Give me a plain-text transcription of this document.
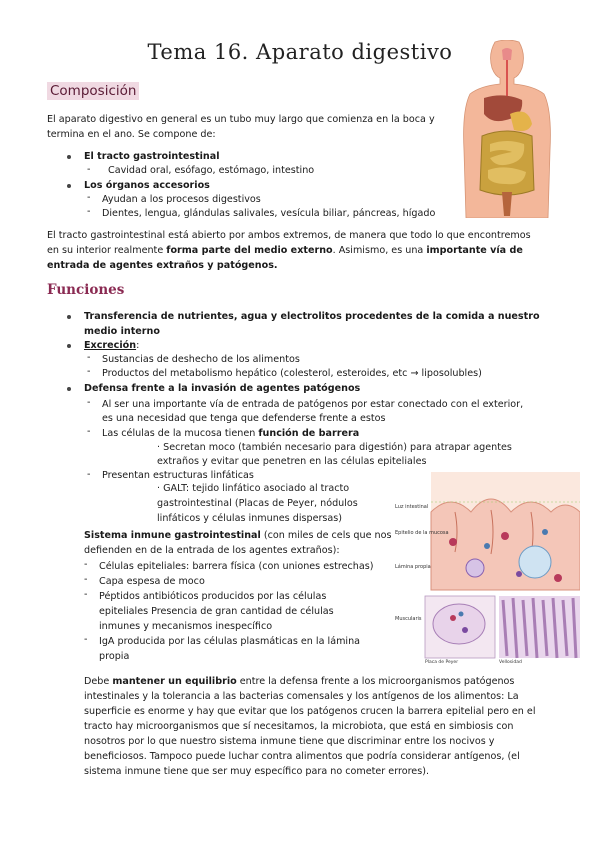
Tema 16. Aparato digestivo
Composición

El aparato digestivo en general es un tubo muy largo que comienza en la boca y

termina en el ano. Se compone de:

El tracto gastrointestinal
- Cavidad oral, esófago, estómago, intestino
Los órganos accesorios
- Ayudan a los procesos digestivos
- Dientes, lengua, glándulas salivales, vesícula biliar, páncreas, hígado

El tracto gastrointestinal está abierto por ambos extremos, de manera que todo lo que encontremos

en su interior realmente forma parte del medio externo. Asimismo, es una importante vía de

entrada de agentes extraños y patógenos.

Funciones
Transferencia de nutrientes, agua y electrolitos procedentes de la comida a nuestro
medio interno
Excreción:
- Sustancias de deshecho de los alimentos
- Productos del metabolismo hepático (colesterol, esteroides, etc → liposolubles)
Defensa frente a la invasión de agentes patógenos
- Al ser una importante vía de entrada de patógenos por estar conectado con el exterior,
es una necesidad que tenga que defenderse frente a estos
- Las células de la mucosa tienen función de barrera
· Secretan moco (también necesario para digestión) para atrapar agentes
extraños y evitar que penetren en las células epiteliales
- Presentan estructuras linfáticas
· GALT: tejido linfático asociado al tracto
gastrointestinal (Placas de Peyer, nódulos
linfáticos y células inmunes dispersas)

Sistema inmune gastrointestinal (con miles de cels que nos

defienden en de la entrada de los agentes extraños):

- Células epiteliales: barrera física (con uniones estrechas)
- Capa espesa de moco
- Péptidos antibióticos producidos por las células
epiteliales Presencia de gran cantidad de células
inmunes y mecanismos inespecífico
- IgA producida por las células plasmáticas en la lámina
propia
Luz intestinal
Epitelio de la mucosa
Lámina propia
Muscularis
Placa de Peyer	Vellosidad

Debe mantener un equilibrio entre la defensa frente a los microorganismos patógenos

intestinales y la tolerancia a las bacterias comensales y los antígenos de los alimentos: La

superficie es enorme y hay que evitar que los patógenos crucen la barrera epitelial pero en el

tracto hay microorganismos que sí necesitamos, la microbiota, que está en simbiosis con

nosotros por lo que nuestro sistema inmune tiene que discriminar entre los nocivos y

beneficiosos. Tampoco puede luchar contra alimentos que podría considerar antígenos, (el

sistema inmune tiene que ser muy específico para no cometer errores).
